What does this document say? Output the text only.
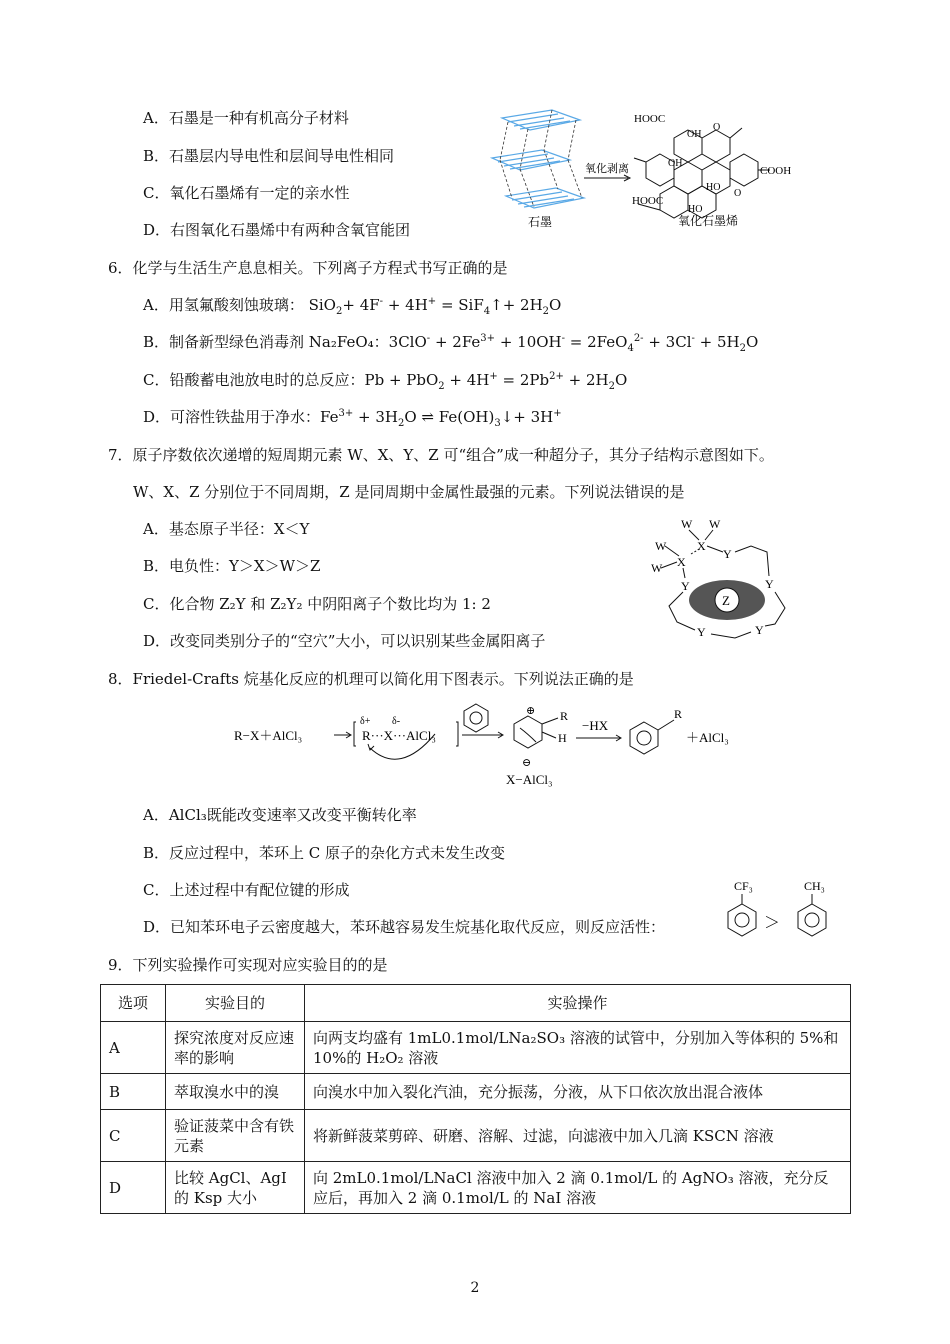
A．石墨是一种有机高分子材料
B．石墨层内导电性和层间导电性相同
C．氧化石墨烯有一定的亲水性
D．右图氧化石墨烯中有两种含氧官能团	石墨
氧化剥离
HOOC
OH
O
OH
COOH
HO
O
HOOC
HO
氧化石墨烯
6．化学与生活生产息息相关。下列离子方程式书写正确的是
A．用氢氟酸刻蚀玻璃： SiO$_2$+ 4F- + 4H+ = SiF$_4$↑+ $2H_2O$
B．制备新型绿色消毒剂 Na₂FeO₄：$3ClO^- + 2Fe^{3+} + 10OH^- = 2FeO_4^{2-} + 3Cl^- + 5H_2O$
C．铅酸蓄电池放电时的总反应：$Pb + PbO_2 + 4H^+ = 2Pb^{2+} + 2H_2O$
D．可溶性铁盐用于净水：$Fe^{3+} + 3H_2O$ ⇌ $Fe(OH)_3↓+ 3H^+$
7．原子序数依次递增的短周期元素 W、X、Y、Z 可“组合”成一种超分子，其分子结构示意图如下。
W、X、Z 分别位于不同周期，Z 是同周期中金属性最强的元素。下列说法错误的是
A．基态原子半径：X＜Y
B．电负性：Y＞X＞W＞Z
C．化合物 Z₂Y 和 Z₂Y₂ 中阴阳离子个数比均为 1: 2
D．改变同类别分子的“空穴”大小，可以识别某些金属阳离子
W W
X
W
W X
Y
Y	Y
Y	Y
Z
8．Friedel-Crafts 烷基化反应的机理可以简化用下图表示。下列说法正确的是
R−X＋AlCl₃
δ+ δ-
R···X···AlCl₃
⊕ R
H
⊖
X−AlCl₃
−HX
R
＋AlCl₃
A．AlCl₃既能改变速率又改变平衡转化率
B．反应过程中，苯环上 C 原子的杂化方式未发生改变
C．上述过程中有配位键的形成
D．已知苯环电子云密度越大，苯环越容易发生烷基化取代反应，则反应活性：
CF₃
＞
CH₃
9．下列实验操作可实现对应实验目的的是
选项	实验目的	实验操作
A	探究浓度对反应速率的影响	向两支均盛有 1mL0.1mol/LNa₂SO₃ 溶液的试管中，分别加入等体积的 5%和 10%的 H₂O₂ 溶液
B	萃取溴水中的溴	向溴水中加入裂化汽油，充分振荡，分液，从下口依次放出混合液体
C	验证菠菜中含有铁元素	将新鲜菠菜剪碎、研磨、溶解、过滤，向滤液中加入几滴 KSCN 溶液
D	比较 AgCl、AgI 的 Ksp 大小	向 2mL0.1mol/LNaCl 溶液中加入 2 滴 0.1mol/L 的 AgNO₃ 溶液，充分反应后，再加入 2 滴 0.1mol/L 的 NaI 溶液
2
